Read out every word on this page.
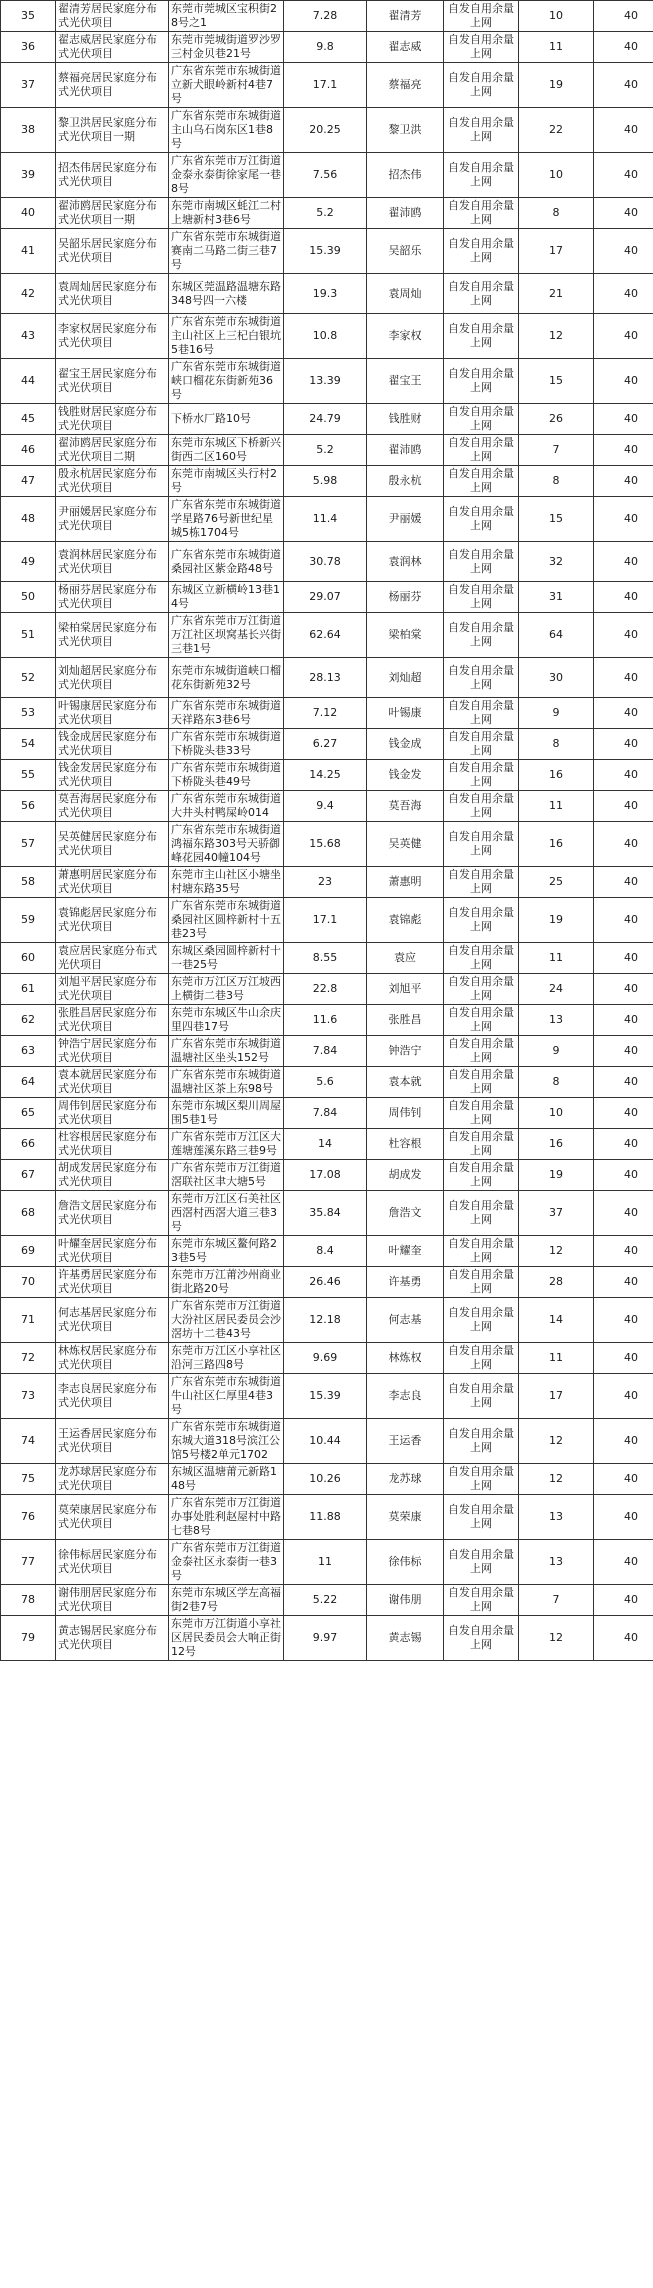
35	翟清芳居民家庭分布式光伏项目	东莞市莞城区宝积街28号之1	7.28	翟清芳	自发自用余量上网	10	40
36	翟志威居民家庭分布式光伏项目	东莞市莞城街道罗沙罗三村金贝巷21号	9.8	翟志威	自发自用余量上网	11	40
37	蔡福亮居民家庭分布式光伏项目	广东省东莞市东城街道立新犬眼岭新村4巷7号	17.1	蔡福亮	自发自用余量上网	19	40
38	黎卫洪居民家庭分布式光伏项目一期	广东省东莞市东城街道主山乌石岗东区1巷8号	20.25	黎卫洪	自发自用余量上网	22	40
39	招杰伟居民家庭分布式光伏项目	广东省东莞市万江街道金泰永泰街徐家尾一巷8号	7.56	招杰伟	自发自用余量上网	10	40
40	翟沛鸥居民家庭分布式光伏项目一期	东莞市南城区蚝江二村上塘新村3巷6号	5.2	翟沛鸥	自发自用余量上网	8	40
41	吴韶乐居民家庭分布式光伏项目	广东省东莞市东城街道赛南二马路二街三巷7号	15.39	吴韶乐	自发自用余量上网	17	40
42	袁周灿居民家庭分布式光伏项目	东城区莞温路温塘东路348号四一六楼	19.3	袁周灿	自发自用余量上网	21	40
43	李家权居民家庭分布式光伏项目	广东省东莞市东城街道主山社区上三杞白银坑5巷16号	10.8	李家权	自发自用余量上网	12	40
44	翟宝王居民家庭分布式光伏项目	广东省东莞市东城街道峡口榴花东街新苑36号	13.39	翟宝王	自发自用余量上网	15	40
45	钱胜财居民家庭分布式光伏项目	下桥水厂路10号	24.79	钱胜财	自发自用余量上网	26	40
46	翟沛鸥居民家庭分布式光伏项目二期	东莞市东城区下桥新兴街西二区160号	5.2	翟沛鸥	自发自用余量上网	7	40
47	殷永杭居民家庭分布式光伏项目	东莞市南城区头行村2号	5.98	殷永杭	自发自用余量上网	8	40
48	尹丽媛居民家庭分布式光伏项目	广东省东莞市东城街道学星路76号新世纪星城5栋1704号	11.4	尹丽媛	自发自用余量上网	15	40
49	袁润林居民家庭分布式光伏项目	广东省东莞市东城街道桑园社区紫金路48号	30.78	袁润林	自发自用余量上网	32	40
50	杨丽芬居民家庭分布式光伏项目	东城区立新横岭13巷14号	29.07	杨丽芬	自发自用余量上网	31	40
51	梁柏棠居民家庭分布式光伏项目	广东省东莞市万江街道万江社区坝窝基长兴街三巷1号	62.64	梁柏棠	自发自用余量上网	64	40
52	刘灿超居民家庭分布式光伏项目	东莞市东城街道峡口榴花东街新苑32号	28.13	刘灿超	自发自用余量上网	30	40
53	叶锡康居民家庭分布式光伏项目	广东省东莞市东城街道天祥路东3巷6号	7.12	叶锡康	自发自用余量上网	9	40
54	钱金成居民家庭分布式光伏项目	广东省东莞市东城街道下桥陇头巷33号	6.27	钱金成	自发自用余量上网	8	40
55	钱金发居民家庭分布式光伏项目	广东省东莞市东城街道下桥陇头巷49号	14.25	钱金发	自发自用余量上网	16	40
56	莫吾海居民家庭分布式光伏项目	广东省东莞市东城街道大井头村鸭屎岭014	9.4	莫吾海	自发自用余量上网	11	40
57	吴英健居民家庭分布式光伏项目	广东省东莞市东城街道鸿福东路303号天骄御峰花园40幢104号	15.68	吴英健	自发自用余量上网	16	40
58	萧惠明居民家庭分布式光伏项目	东莞市主山社区小塘坐村塘东路35号	23	萧惠明	自发自用余量上网	25	40
59	袁锦彪居民家庭分布式光伏项目	广东省东莞市东城街道桑园社区圆梓新村十五巷23号	17.1	袁锦彪	自发自用余量上网	19	40
60	袁应居民家庭分布式光伏项目	东城区桑园圆梓新村十一巷25号	8.55	袁应	自发自用余量上网	11	40
61	刘旭平居民家庭分布式光伏项目	东莞市万江区万江坡西上横街二巷3号	22.8	刘旭平	自发自用余量上网	24	40
62	张胜昌居民家庭分布式光伏项目	东莞市东城区牛山余庆里四巷17号	11.6	张胜昌	自发自用余量上网	13	40
63	钟浩宁居民家庭分布式光伏项目	广东省东莞市东城街道温塘社区坐头152号	7.84	钟浩宁	自发自用余量上网	9	40
64	袁本就居民家庭分布式光伏项目	广东省东莞市东城街道温塘社区茶上东98号	5.6	袁本就	自发自用余量上网	8	40
65	周伟钊居民家庭分布式光伏项目	东莞市东城区梨川周屋围5巷1号	7.84	周伟钊	自发自用余量上网	10	40
66	杜容根居民家庭分布式光伏项目	广东省东莞市万江区大莲塘莲溪东路三巷9号	14	杜容根	自发自用余量上网	16	40
67	胡成发居民家庭分布式光伏项目	广东省东莞市万江街道滘联社区聿大塘5号	17.08	胡成发	自发自用余量上网	19	40
68	詹浩文居民家庭分布式光伏项目	东莞市万江区石美社区西滘村西滘大道三巷3号	35.84	詹浩文	自发自用余量上网	37	40
69	叶耀奎居民家庭分布式光伏项目	东莞市东城区鳌何路23巷5号	8.4	叶耀奎	自发自用余量上网	12	40
70	许基勇居民家庭分布式光伏项目	东莞市万江莆沙州商业街北路20号	26.46	许基勇	自发自用余量上网	28	40
71	何志基居民家庭分布式光伏项目	广东省东莞市万江街道大汾社区居民委员会沙滘坊十二巷43号	12.18	何志基	自发自用余量上网	14	40
72	林炼权居民家庭分布式光伏项目	东莞市万江区小享社区沿河三路四8号	9.69	林炼权	自发自用余量上网	11	40
73	李志良居民家庭分布式光伏项目	广东省东莞市东城街道牛山社区仁厚里4巷3号	15.39	李志良	自发自用余量上网	17	40
74	王运香居民家庭分布式光伏项目	广东省东莞市东城街道东城大道318号滨江公馆5号楼2单元1702	10.44	王运香	自发自用余量上网	12	40
75	龙苏球居民家庭分布式光伏项目	东城区温塘莆元新路148号	10.26	龙苏球	自发自用余量上网	12	40
76	莫荣康居民家庭分布式光伏项目	广东省东莞市万江街道办事处胜利赵屋村中路七巷8号	11.88	莫荣康	自发自用余量上网	13	40
77	徐伟标居民家庭分布式光伏项目	广东省东莞市万江街道金泰社区永泰街一巷3号	11	徐伟标	自发自用余量上网	13	40
78	谢伟朋居民家庭分布式光伏项目	东莞市东城区学左高福街2巷7号	5.22	谢伟朋	自发自用余量上网	7	40
79	黄志锡居民家庭分布式光伏项目	东莞市万江街道小享社区居民委员会大响正街12号	9.97	黄志锡	自发自用余量上网	12	40
